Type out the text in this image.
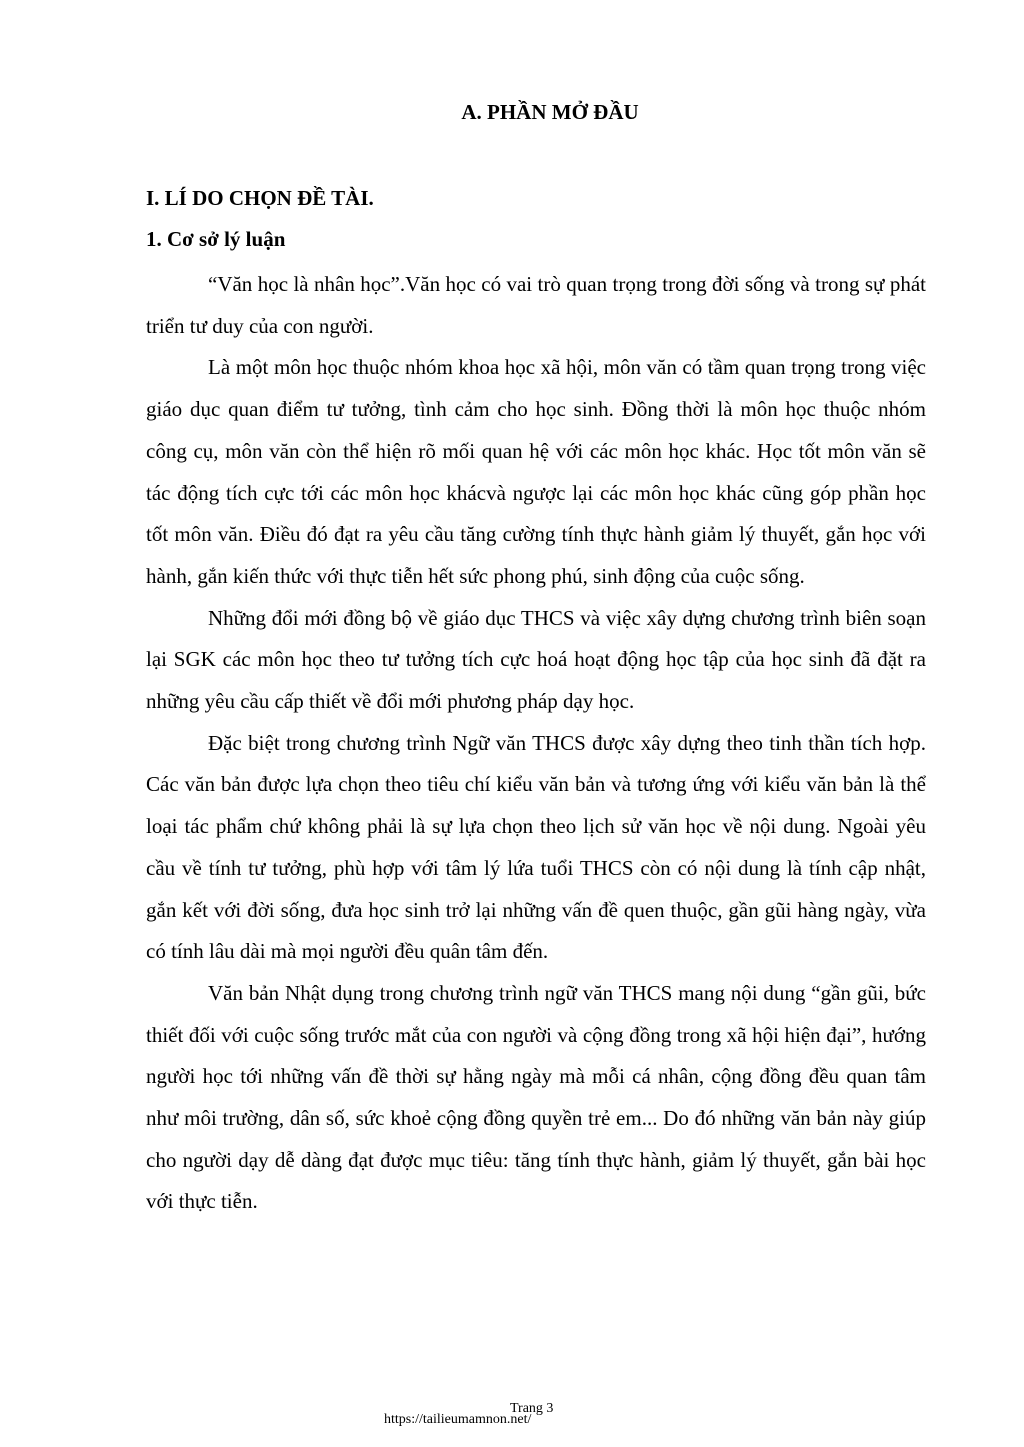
A. PHẦN MỞ ĐẦU
I. LÍ DO CHỌN ĐỀ TÀI.
1. Cơ sở lý luận

“Văn học là nhân học”.Văn học có vai trò quan trọng trong đời sống và trong sự phát triển tư duy của con người.

Là một môn học thuộc nhóm khoa học xã hội, môn văn có tầm quan trọng trong việc giáo dục quan điểm tư tưởng, tình cảm cho học sinh. Đồng thời là môn học thuộc nhóm công cụ, môn văn còn thể hiện rõ mối quan hệ với các môn học khác. Học tốt môn văn sẽ tác động tích cực tới các môn học khácvà ngược lại các môn học khác cũng góp phần học tốt môn văn. Điều đó đạt ra yêu cầu tăng cường tính thực hành giảm lý thuyết, gắn học với hành, gắn kiến thức với thực tiễn hết sức phong phú, sinh động của cuộc sống.

Những đổi mới đồng bộ về giáo dục THCS và việc xây dựng chương trình biên soạn lại SGK các môn học theo tư tưởng tích cực hoá hoạt động học tập của học sinh đã đặt ra những yêu cầu cấp thiết về đổi mới phương pháp dạy học.

Đặc biệt trong chương trình Ngữ văn THCS được xây dựng theo tinh thần tích hợp. Các văn bản được lựa chọn theo tiêu chí kiểu văn bản và tương ứng với kiểu văn bản là thể loại tác phẩm chứ không phải là sự lựa chọn theo lịch sử văn học về nội dung. Ngoài yêu cầu về tính tư tưởng, phù hợp với tâm lý lứa tuổi THCS còn có nội dung là tính cập nhật, gắn kết với đời sống, đưa học sinh trở lại những vấn đề quen thuộc, gần gũi hàng ngày, vừa có tính lâu dài mà mọi người đều quân tâm đến.

Văn bản Nhật dụng trong chương trình ngữ văn THCS mang nội dung “gần gũi, bức thiết đối với cuộc sống trước mắt của con người và cộng đồng trong xã hội hiện đại”, hướng người học tới những vấn đề thời sự hằng ngày mà mỗi cá nhân, cộng đồng đều quan tâm như môi trường, dân số, sức khoẻ cộng đồng quyền trẻ em... Do đó những văn bản này giúp cho người dạy dễ dàng đạt được mục tiêu: tăng tính thực hành, giảm lý thuyết, gắn bài học với thực tiễn.

Trang 3
https://tailieumamnon.net/
